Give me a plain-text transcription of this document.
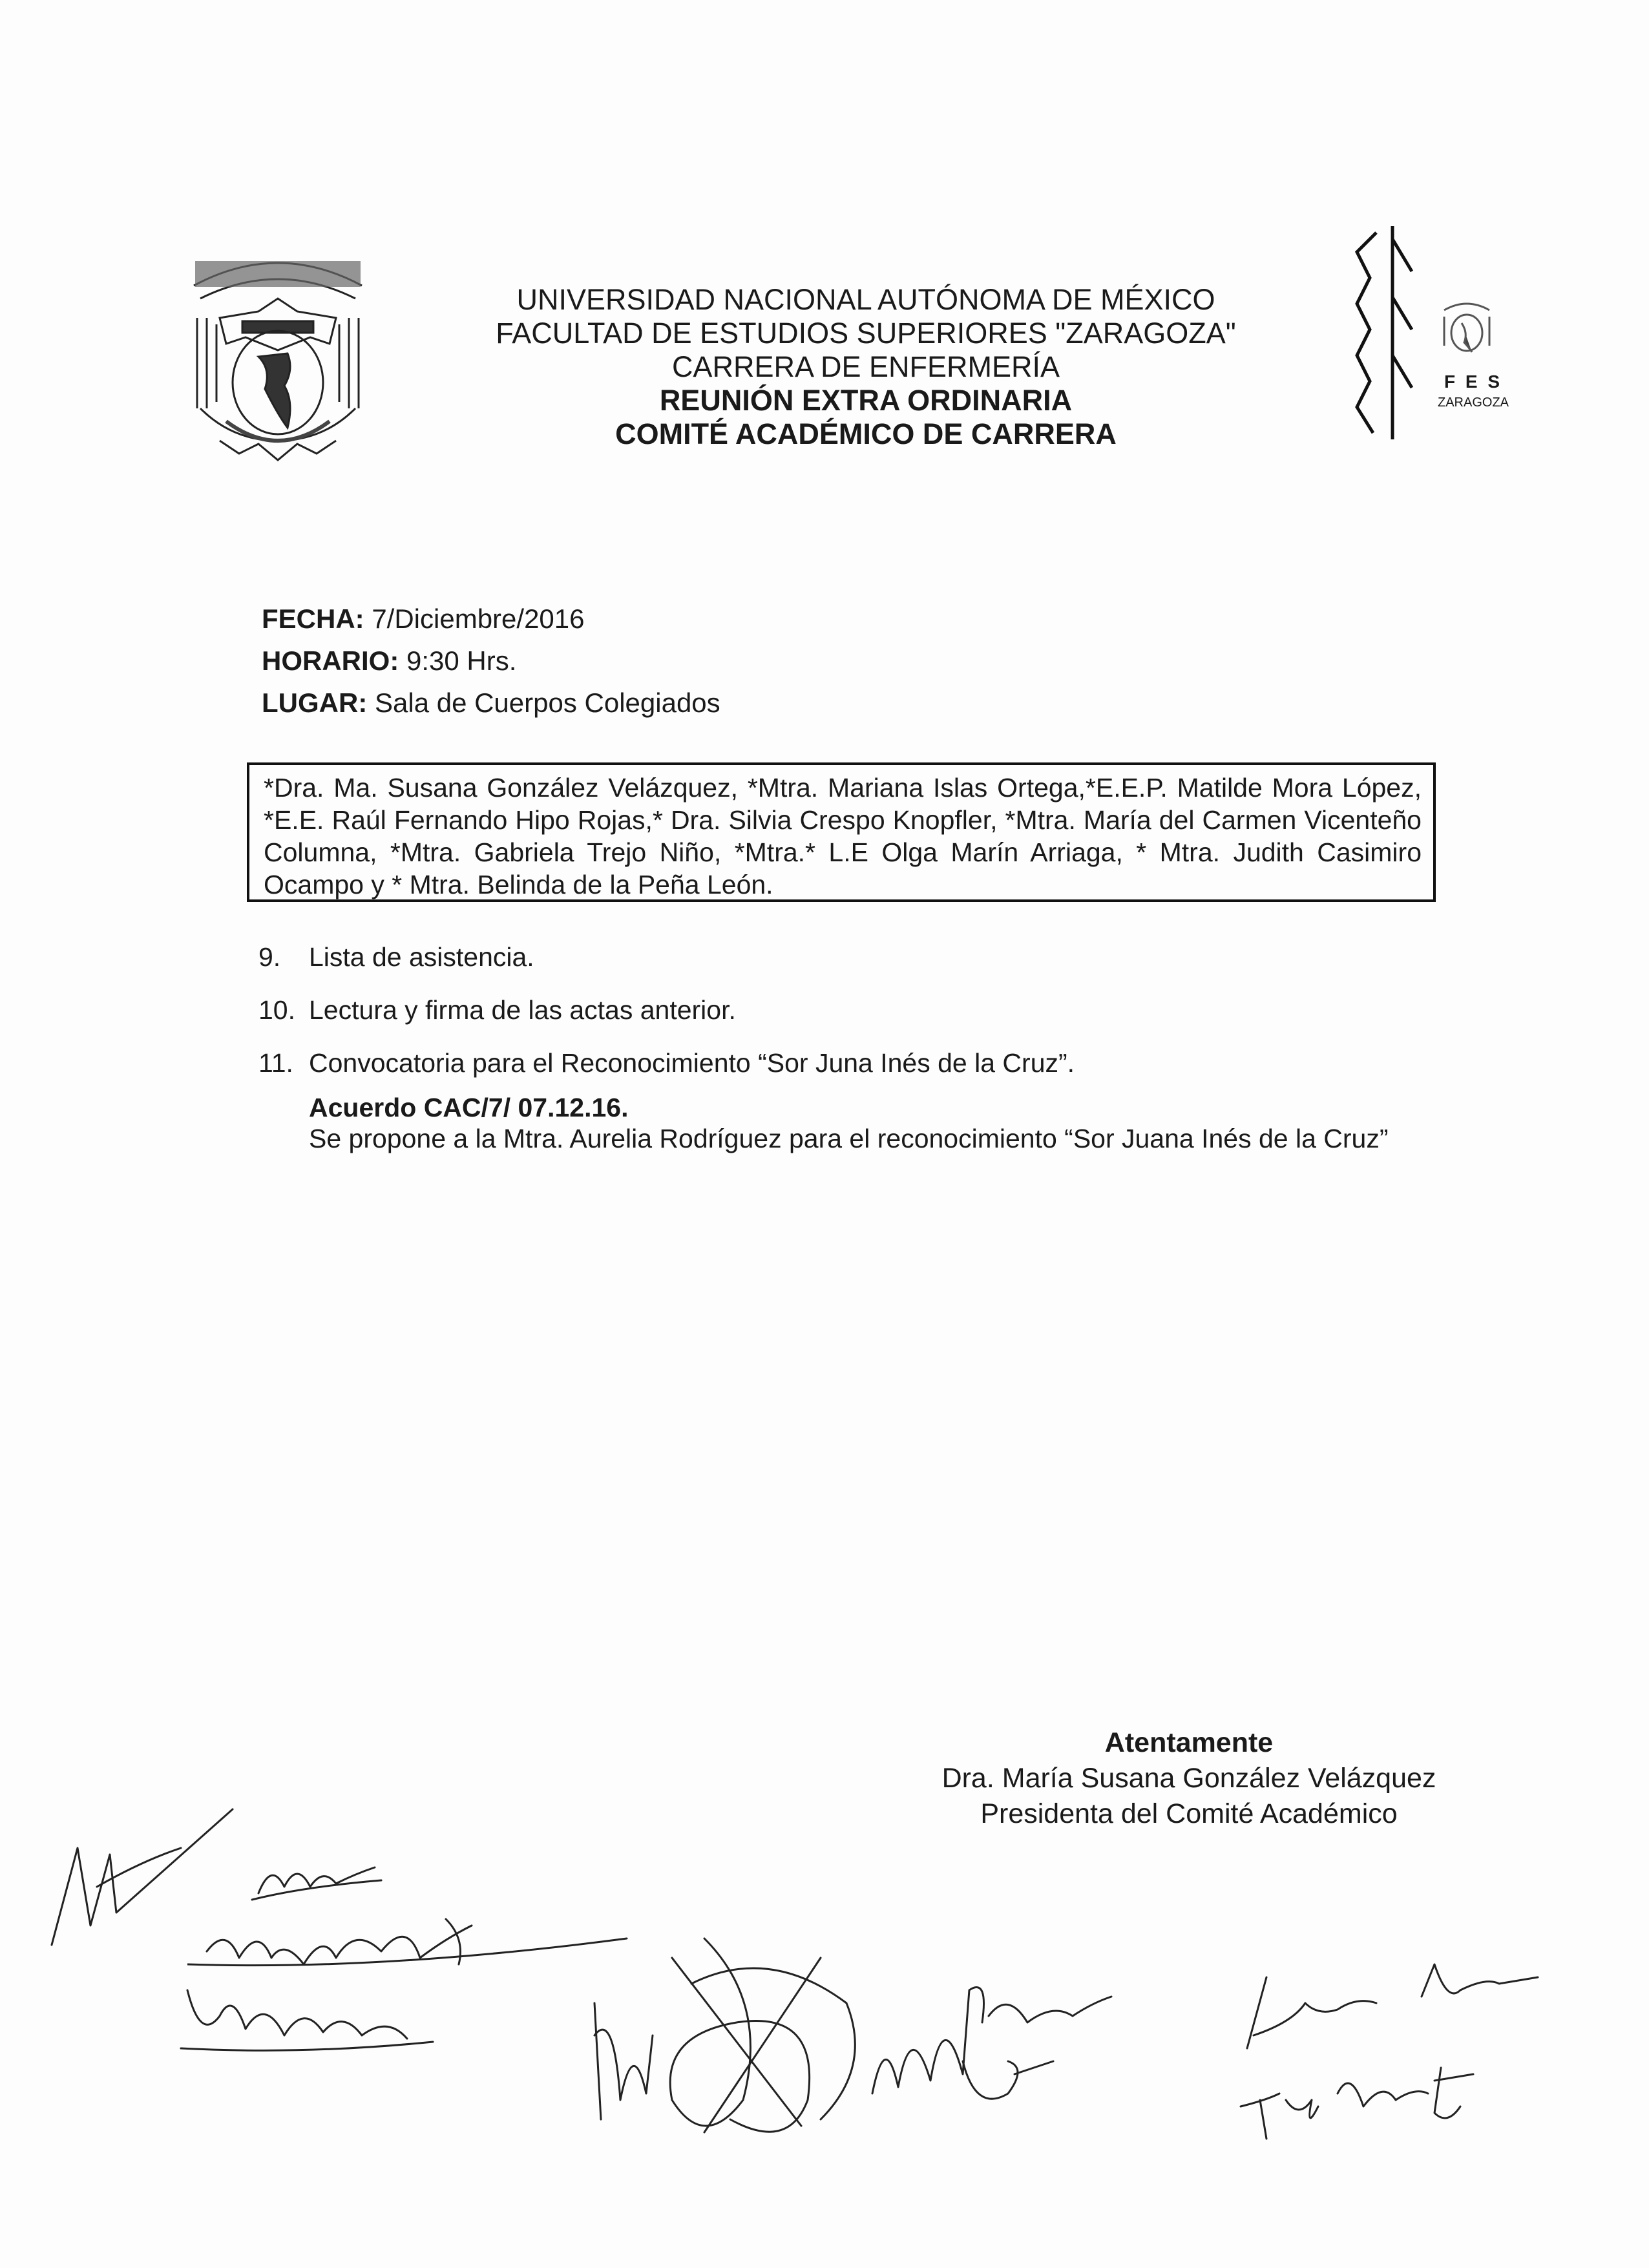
F E S
ZARAGOZA
UNIVERSIDAD NACIONAL AUTÓNOMA DE MÉXICO
FACULTAD DE ESTUDIOS SUPERIORES "ZARAGOZA"
CARRERA DE ENFERMERÍA
REUNIÓN EXTRA ORDINARIA
COMITÉ ACADÉMICO DE CARRERA
FECHA: 7/Diciembre/2016
HORARIO: 9:30 Hrs.
LUGAR: Sala de Cuerpos Colegiados
*Dra. Ma. Susana González Velázquez, *Mtra. Mariana Islas Ortega,*E.E.P. Matilde Mora López, *E.E. Raúl Fernando Hipo Rojas,* Dra. Silvia Crespo Knopfler, *Mtra. María del Carmen Vicenteño Columna, *Mtra. Gabriela Trejo Niño, *Mtra.* L.E Olga Marín Arriaga, * Mtra. Judith Casimiro Ocampo y * Mtra. Belinda de la Peña León.
9.	Lista de asistencia.
10. Lectura y firma de las actas anterior.
11. Convocatoria para el Reconocimiento “Sor Juna Inés de la Cruz”.
Acuerdo CAC/7/ 07.12.16.
Se propone a la Mtra. Aurelia Rodríguez para el reconocimiento “Sor Juana Inés de la Cruz”
Atentamente
Dra. María Susana González Velázquez
Presidenta del Comité Académico
